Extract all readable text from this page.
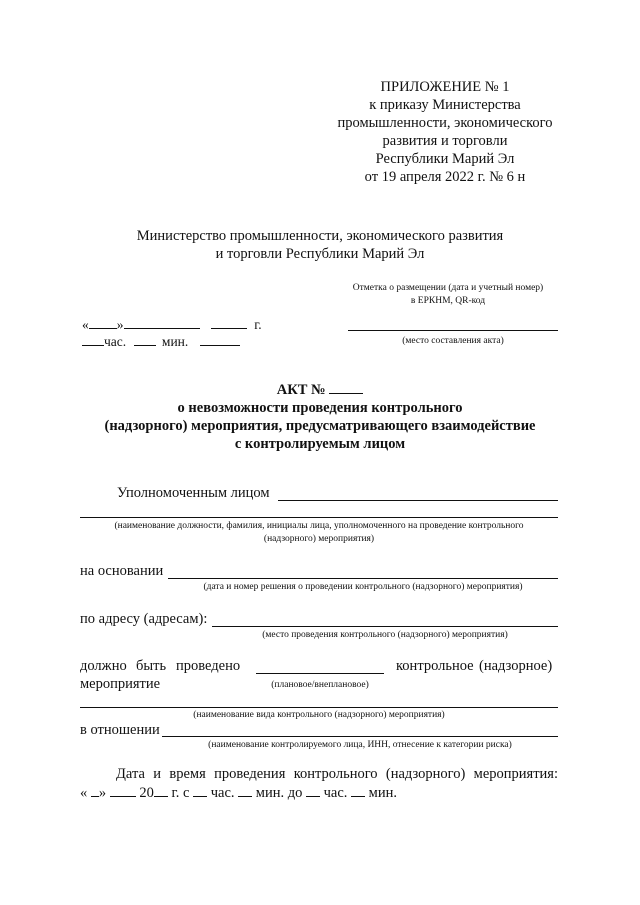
ПРИЛОЖЕНИЕ № 1
к приказу Министерства
промышленности, экономического
развития и торговли
Республики Марий Эл
от 19 апреля 2022 г. № 6 н
Министерство промышленности, экономического развития
и торговли Республики Марий Эл
Отметка о размещении (дата и учетный номер)
в ЕРКНМ, QR-код
« »	г.
час.	мин.	(место составления акта)
АКТ №
о невозможности проведения контрольного
(надзорного) мероприятия, предусматривающего взаимодействие
с контролируемым лицом
Уполномоченным лицом
(наименование должности, фамилия, инициалы лица, уполномоченного на проведение контрольного
(надзорного) мероприятия)
на основании
(дата и номер решения о проведении контрольного (надзорного) мероприятия)
по адресу (адресам):
(место проведения контрольного (надзорного) мероприятия)
должно быть проведено	контрольное (надзорное)
мероприятие	(плановое/внеплановое)
(наименование вида контрольного (надзорного) мероприятия)
в отношении
(наименование контролируемого лица, ИНН, отнесение к категории риска)
Дата и время проведения контрольного (надзорного) мероприятия:
« » 20 г. с час. мин. до час. мин.
